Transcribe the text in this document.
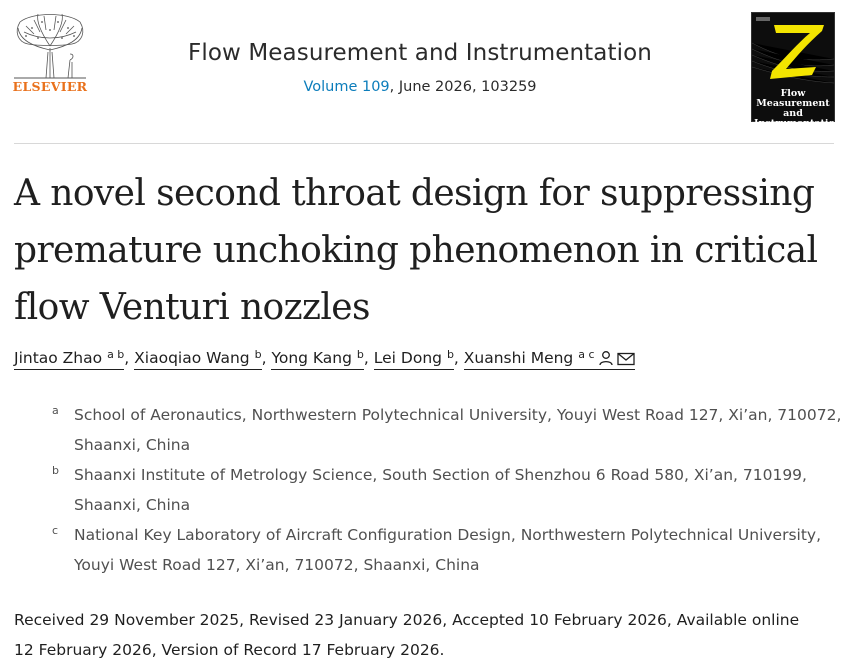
ELSEVIER
Flow Measurement and Instrumentation
Volume 109, June 2026, 103259	Flow Measurement and Instrumentation
A novel second throat design for suppressing premature unchoking phenomenon in critical flow Venturi nozzles
Jintao Zhao $^{a b}$, Xiaoqiao Wang $^b$, Yong Kang $^b$, Lei Dong $^b$, Xuanshi Meng $^{a c}$
a School of Aeronautics, Northwestern Polytechnical University, Youyi West Road 127, Xi’an, 710072, Shaanxi, China
b Shaanxi Institute of Metrology Science, South Section of Shenzhou 6 Road 580, Xi’an, 710199, Shaanxi, China
c National Key Laboratory of Aircraft Configuration Design, Northwestern Polytechnical University, Youyi West Road 127, Xi’an, 710072, Shaanxi, China
Received 29 November 2025, Revised 23 January 2026, Accepted 10 February 2026, Available online 12 February 2026, Version of Record 17 February 2026.
